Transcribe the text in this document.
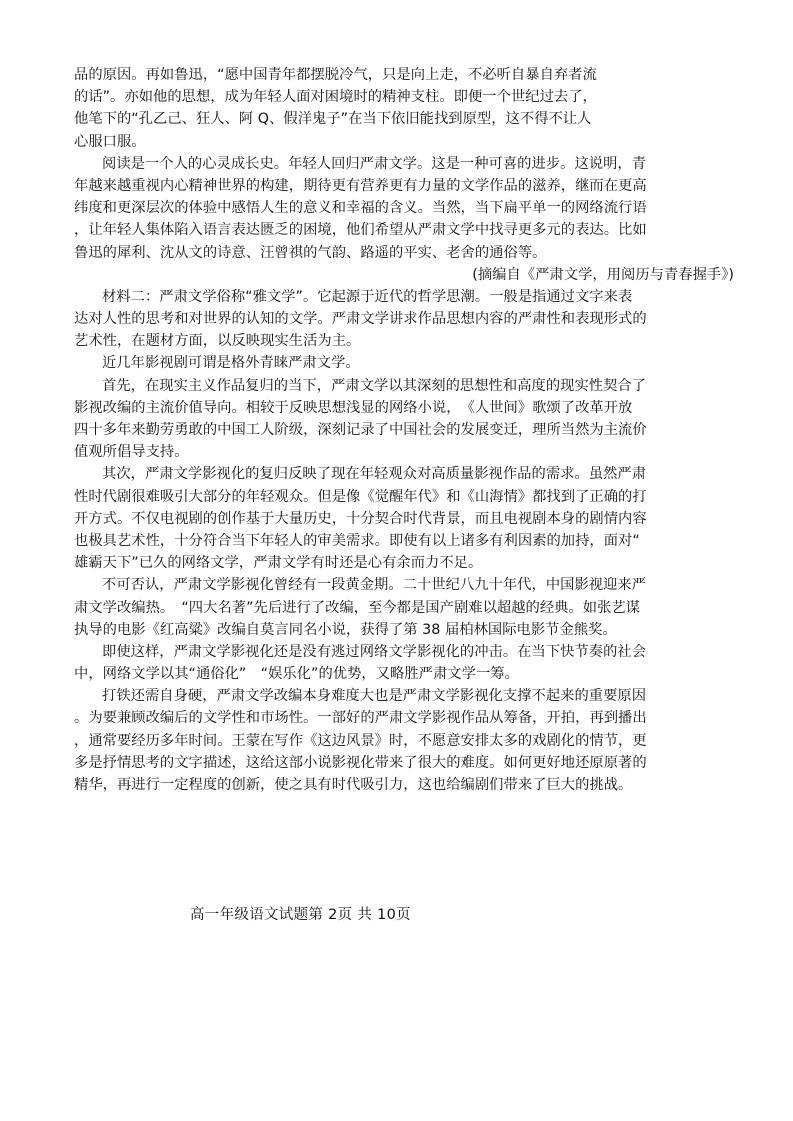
品的原因。再如鲁迅，“愿中国青年都摆脱冷气，只是向上走，不必听自暴自弃者流
的话”。亦如他的思想，成为年轻人面对困境时的精神支柱。即便一个世纪过去了，
他笔下的“孔乙己、狂人、阿 Q、假洋鬼子”在当下依旧能找到原型，这不得不让人
心服口服。
阅读是一个人的心灵成长史。年轻人回归严肃文学。这是一种可喜的进步。这说明，青
年越来越重视内心精神世界的构建，期待更有营养更有力量的文学作品的滋养，继而在更高
纬度和更深层次的体验中感悟人生的意义和幸福的含义。当然，当下扁平单一的网络流行语
，让年轻人集体陷入语言表达匮乏的困境，他们希望从严肃文学中找寻更多元的表达。比如
鲁迅的犀利、沈从文的诗意、汪曾祺的气韵、路遥的平实、老舍的通俗等。
(摘编自《严肃文学，用阅历与青春握手》)
材料二：严肃文学俗称“雅文学”。它起源于近代的哲学思潮。一般是指通过文字来表
达对人性的思考和对世界的认知的文学。严肃文学讲求作品思想内容的严肃性和表现形式的
艺术性，在题材方面，以反映现实生活为主。
近几年影视剧可谓是格外青睐严肃文学。
首先，在现实主义作品复归的当下，严肃文学以其深刻的思想性和高度的现实性契合了
影视改编的主流价值导向。相较于反映思想浅显的网络小说，　《人世间》歌颂了改革开放
四十多年来勤劳勇敢的中国工人阶级，深刻记录了中国社会的发展变迁，理所当然为主流价
值观所倡导支持。
其次，严肃文学影视化的复归反映了现在年轻观众对高质量影视作品的需求。虽然严肃
性时代剧很难吸引大部分的年轻观众。但是像《觉醒年代》和《山海情》都找到了正确的打
开方式。不仅电视剧的创作基于大量历史，十分契合时代背景，而且电视剧本身的剧情内容
也极具艺术性，十分符合当下年轻人的审美需求。即使有以上诸多有利因素的加持，面对“
雄霸天下”已久的网络文学，严肃文学有时还是心有余而力不足。
不可否认，严肃文学影视化曾经有一段黄金期。二十世纪八九十年代，中国影视迎来严
肃文学改编热。　“四大名著”先后进行了改编，至今都是国产剧难以超越的经典。如张艺谋
执导的电影《红高粱》改编自莫言同名小说，获得了第 38 届柏林国际电影节金熊奖。
即使这样，严肃文学影视化还是没有逃过网络文学影视化的冲击。在当下快节奏的社会
中，网络文学以其“通俗化”　“娱乐化”的优势，又略胜严肃文学一筹。
打铁还需自身硬，严肃文学改编本身难度大也是严肃文学影视化支撑不起来的重要原因
。为要兼顾改编后的文学性和市场性。一部好的严肃文学影视作品从筹备，开拍，再到播出
，通常要经历多年时间。王蒙在写作《这边风景》时，不愿意安排太多的戏剧化的情节，更
多是抒情思考的文字描述，这给这部小说影视化带来了很大的难度。如何更好地还原原著的
精华，再进行一定程度的创新，使之具有时代吸引力，这也给编剧们带来了巨大的挑战。
高一年级语文试题第 2页 共 10页
